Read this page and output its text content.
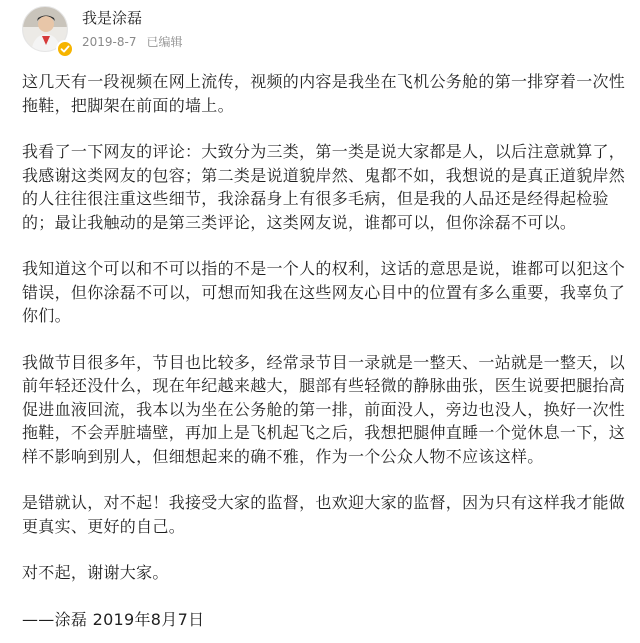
我是涂磊
2019-8-7 已编辑

这几天有一段视频在网上流传，视频的内容是我坐在飞机公务舱的第一排穿着一次性拖鞋，把脚架在前面的墙上。

我看了一下网友的评论：大致分为三类，第一类是说大家都是人，以后注意就算了，我感谢这类网友的包容；第二类是说道貌岸然、鬼都不如，我想说的是真正道貌岸然的人往往很注重这些细节，我涂磊身上有很多毛病，但是我的人品还是经得起检验的；最让我触动的是第三类评论，这类网友说，谁都可以，但你涂磊不可以。

我知道这个可以和不可以指的不是一个人的权利，这话的意思是说，谁都可以犯这个错误，但你涂磊不可以，可想而知我在这些网友心目中的位置有多么重要，我辜负了你们。

我做节目很多年，节目也比较多，经常录节目一录就是一整天、一站就是一整天，以前年轻还没什么，现在年纪越来越大，腿部有些轻微的静脉曲张，医生说要把腿抬高促进血液回流，我本以为坐在公务舱的第一排，前面没人，旁边也没人，换好一次性拖鞋，不会弄脏墙壁，再加上是飞机起飞之后，我想把腿伸直睡一个觉休息一下，这样不影响到别人，但细想起来的确不雅，作为一个公众人物不应该这样。

是错就认，对不起！我接受大家的监督，也欢迎大家的监督，因为只有这样我才能做更真实、更好的自己。

对不起，谢谢大家。

——涂磊 2019年8月7日
